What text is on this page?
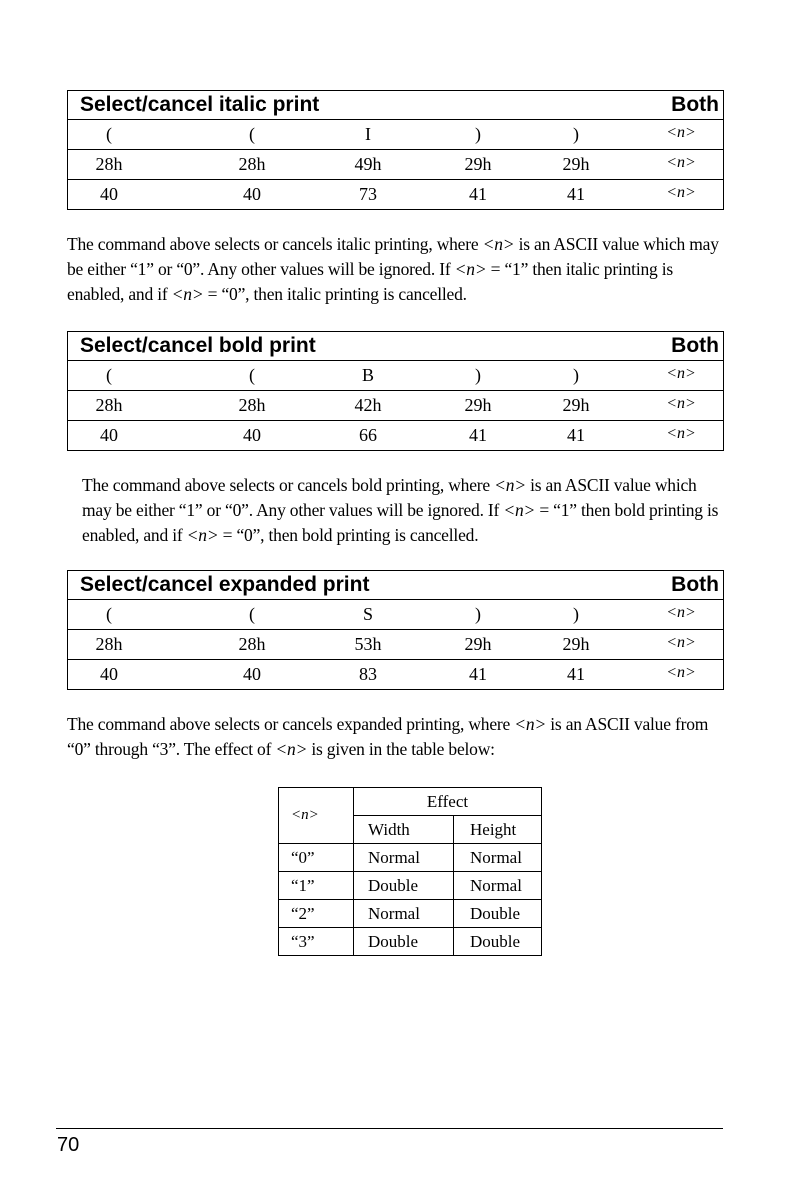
Select/cancel italic print	Both
(	(	I	)	)	<n>
28h	28h	49h	29h	29h	<n>
40	40	73	41	41	<n>

The command above selects or cancels italic printing, where <n> is an ASCII value which may be either “1” or “0”. Any other values will be ignored. If <n> = “1” then italic printing is enabled, and if <n> = “0”, then italic printing is cancelled.

Select/cancel bold print	Both
(	(	B	)	)	<n>
28h	28h	42h	29h	29h	<n>
40	40	66	41	41	<n>

The command above selects or cancels bold printing, where <n> is an ASCII value which may be either “1” or “0”. Any other values will be ignored. If <n> = “1” then bold printing is enabled, and if <n> = “0”, then bold printing is cancelled.

Select/cancel expanded print	Both
(	(	S	)	)	<n>
28h	28h	53h	29h	29h	<n>
40	40	83	41	41	<n>

The command above selects or cancels expanded printing, where <n> is an ASCII value from “0” through “3”. The effect of <n> is given in the table below:

<n>	Effect	
	Width	Height
“0”	Normal	Normal
“1”	Double	Normal
“2”	Normal	Double
“3”	Double	Double
70
